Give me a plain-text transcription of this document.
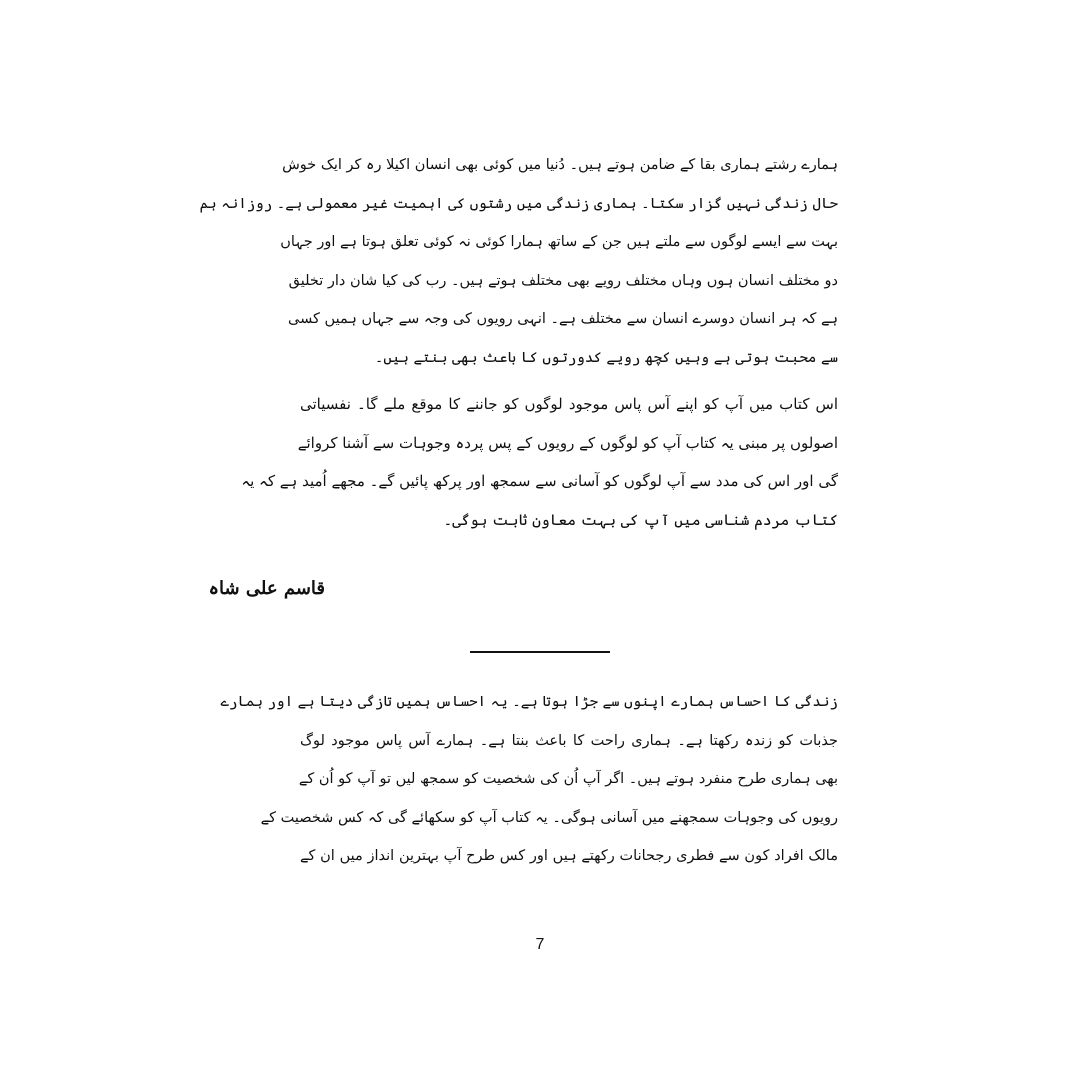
ہمارے رشتے ہماری بقا کے ضامن ہوتے ہیں۔ دُنیا میں کوئی بھی انسان اکیلا رہ کر ایک خوش
حال زندگی نہیں گزار سکتا۔ ہماری زندگی میں رشتوں کی اہمیت غیر معمولی ہے۔ روزانہ ہم
بہت سے ایسے لوگوں سے ملتے ہیں جن کے ساتھ ہمارا کوئی نہ کوئی تعلق ہوتا ہے اور جہاں
دو مختلف انسان ہوں وہاں مختلف رویے بھی مختلف ہوتے ہیں۔ رب کی کیا شان دار تخلیق
ہے کہ ہر انسان دوسرے انسان سے مختلف ہے۔ انہی رویوں کی وجہ سے جہاں ہمیں کسی
سے محبت ہوتی ہے وہیں کچھ رویے کدورتوں کا باعث بھی بنتے ہیں۔
اس کتاب میں آپ کو اپنے آس پاس موجود لوگوں کو جاننے کا موقع ملے گا۔ نفسیاتی
اصولوں پر مبنی یہ کتاب آپ کو لوگوں کے رویوں کے پس پردہ وجوہات سے آشنا کروائے
گی اور اس کی مدد سے آپ لوگوں کو آسانی سے سمجھ اور پرکھ پائیں گے۔ مجھے اُمید ہے کہ یہ
کتاب مردم شناسی میں آپ کی بہت معاون ثابت ہوگی۔
قاسم علی شاہ
زندگی کا احساس ہمارے اپنوں سے جڑا ہوتا ہے۔ یہ احساس ہمیں تازگی دیتا ہے اور ہمارے
جذبات کو زندہ رکھتا ہے۔ ہماری راحت کا باعث بنتا ہے۔ ہمارے آس پاس موجود لوگ
بھی ہماری طرح منفرد ہوتے ہیں۔ اگر آپ اُن کی شخصیت کو سمجھ لیں تو آپ کو اُن کے
رویوں کی وجوہات سمجھنے میں آسانی ہوگی۔ یہ کتاب آپ کو سکھائے گی کہ کس شخصیت کے
مالک افراد کون سے فطری رجحانات رکھتے ہیں اور کس طرح آپ بہترین انداز میں ان کے
7
